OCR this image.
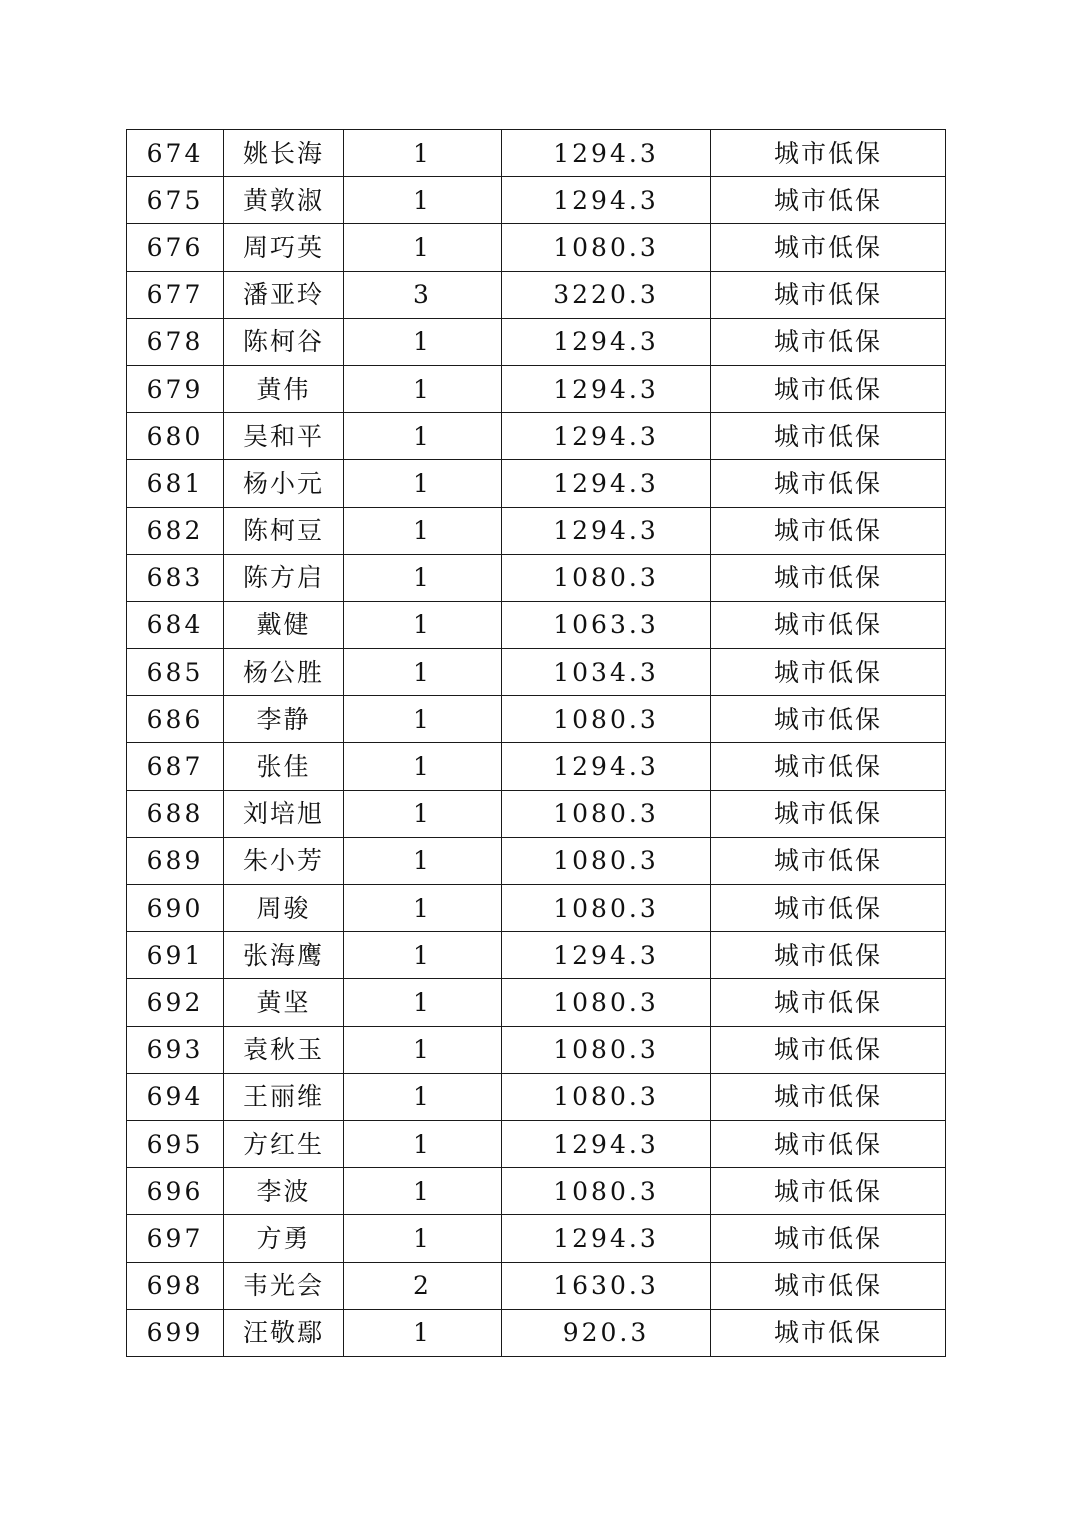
674	姚长海	1	1294.3	城市低保
675	黄敦淑	1	1294.3	城市低保
676	周巧英	1	1080.3	城市低保
677	潘亚玲	3	3220.3	城市低保
678	陈柯谷	1	1294.3	城市低保
679	黄伟	1	1294.3	城市低保
680	吴和平	1	1294.3	城市低保
681	杨小元	1	1294.3	城市低保
682	陈柯豆	1	1294.3	城市低保
683	陈方启	1	1080.3	城市低保
684	戴健	1	1063.3	城市低保
685	杨公胜	1	1034.3	城市低保
686	李静	1	1080.3	城市低保
687	张佳	1	1294.3	城市低保
688	刘培旭	1	1080.3	城市低保
689	朱小芳	1	1080.3	城市低保
690	周骏	1	1080.3	城市低保
691	张海鹰	1	1294.3	城市低保
692	黄坚	1	1080.3	城市低保
693	袁秋玉	1	1080.3	城市低保
694	王丽维	1	1080.3	城市低保
695	方红生	1	1294.3	城市低保
696	李波	1	1080.3	城市低保
697	方勇	1	1294.3	城市低保
698	韦光会	2	1630.3	城市低保
699	汪敬鄢	1	920.3	城市低保
